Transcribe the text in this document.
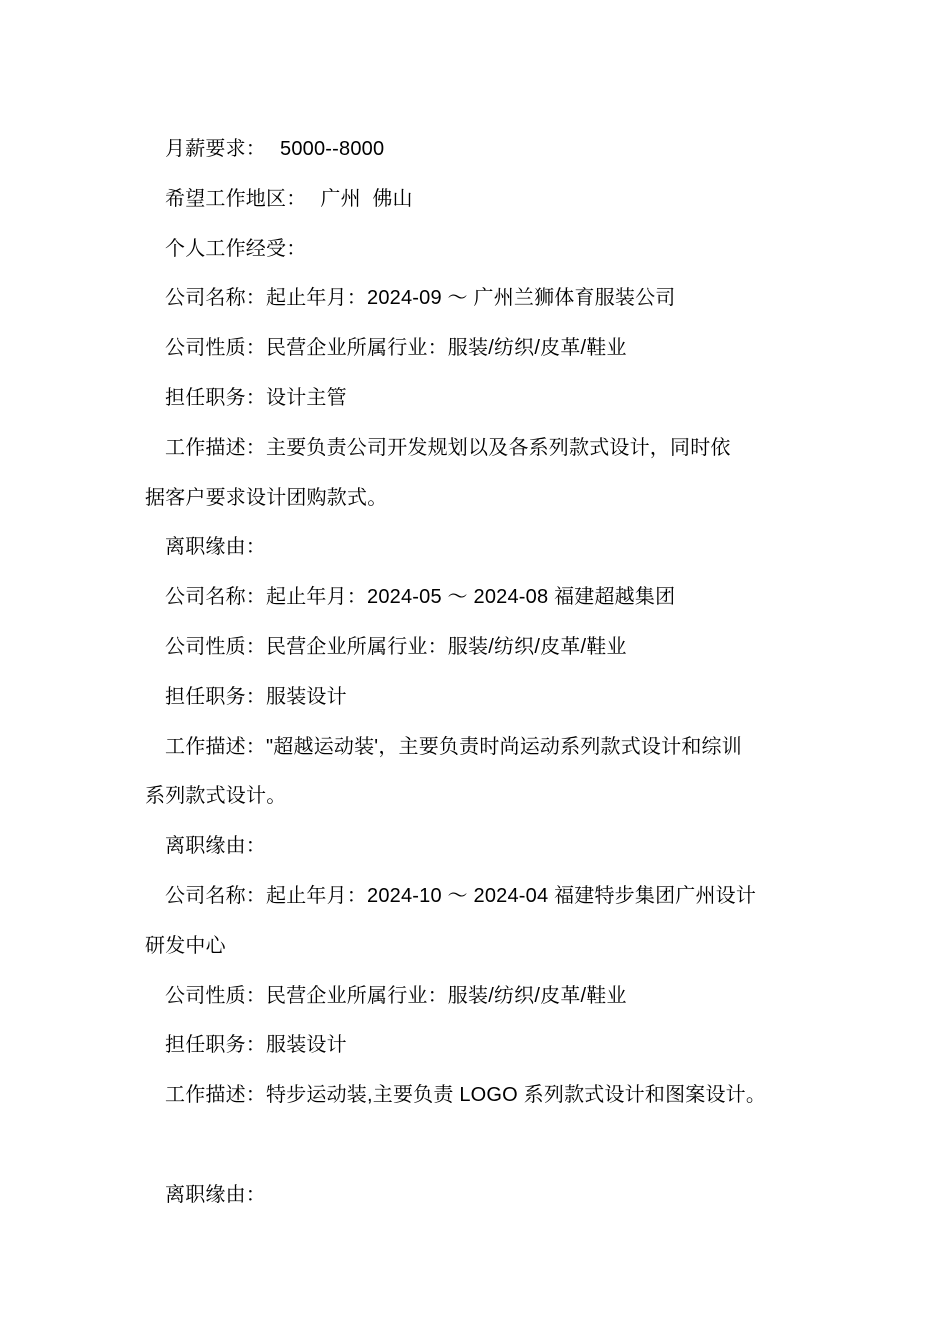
月薪要求： 5000--8000
希望工作地区： 广州  佛山
个人工作经受：
公司名称：起止年月：2024-09 ～ 广州兰狮体育服装公司
公司性质：民营企业所属行业：服装/纺织/皮革/鞋业
担任职务：设计主管
工作描述：主要负责公司开发规划以及各系列款式设计，同时依
据客户要求设计团购款式。
离职缘由：
公司名称：起止年月：2024-05 ～ 2024-08 福建超越集团
公司性质：民营企业所属行业：服装/纺织/皮革/鞋业
担任职务：服装设计
工作描述："超越运动装'，主要负责时尚运动系列款式设计和综训
系列款式设计。
离职缘由：
公司名称：起止年月：2024-10 ～ 2024-04 福建特步集团广州设计
研发中心
公司性质：民营企业所属行业：服装/纺织/皮革/鞋业
担任职务：服装设计
工作描述：特步运动装,主要负责 LOGO 系列款式设计和图案设计。
离职缘由：
